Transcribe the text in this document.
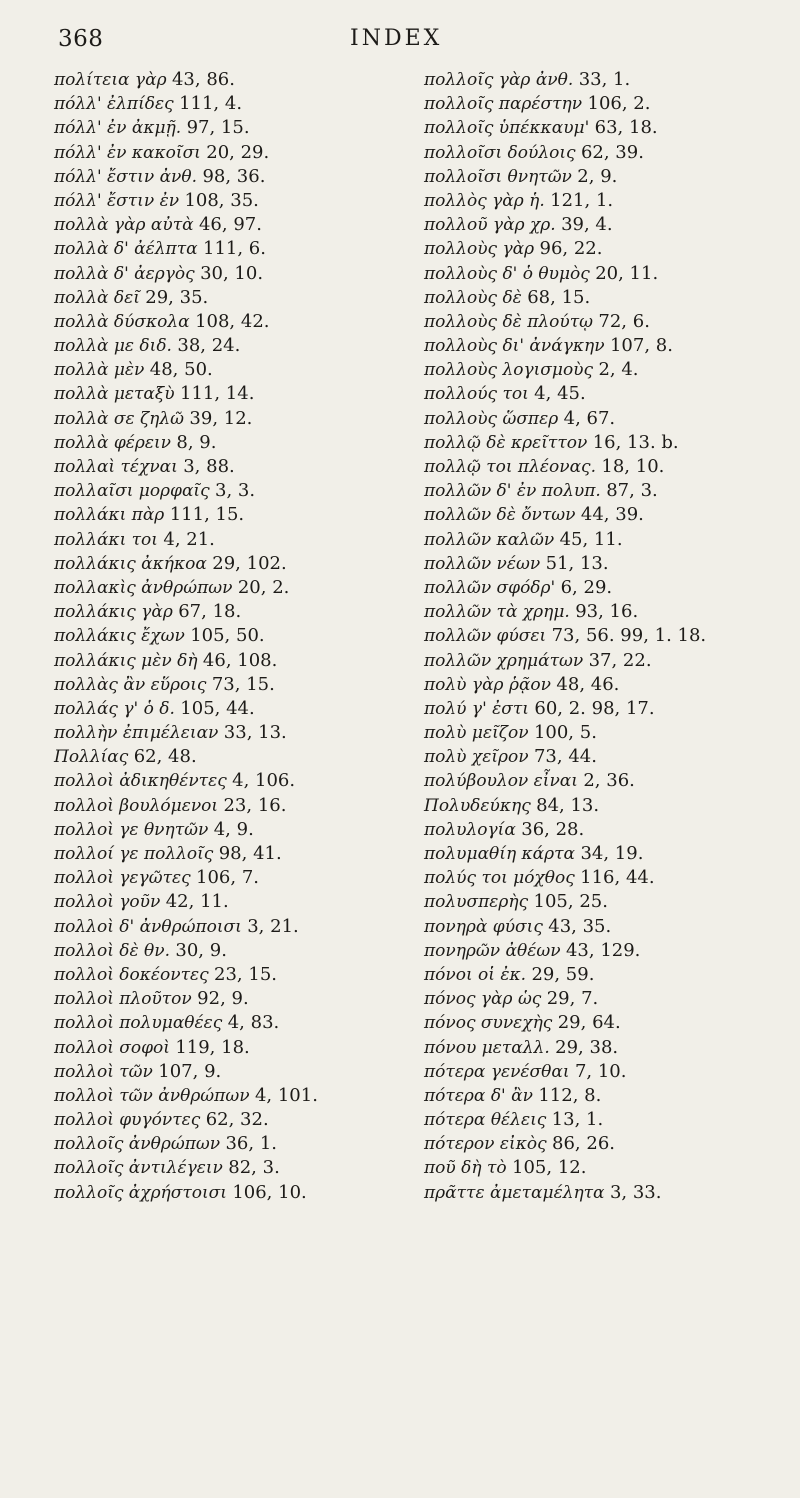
368	INDEX
πολίτεια γὰρ 43, 86.
πόλλ' ἐλπίδες 111, 4.
πόλλ' ἐν ἀκμῇ. 97, 15.
πόλλ' ἐν κακοῖσι 20, 29.
πόλλ' ἔστιν ἀνθ. 98, 36.
πόλλ' ἔστιν ἐν 108, 35.
πολλὰ γὰρ αὐτὰ 46, 97.
πολλὰ δ' ἀέλπτα 111, 6.
πολλὰ δ' ἀεργὸς 30, 10.
πολλὰ δεῖ 29, 35.
πολλὰ δύσκολα 108, 42.
πολλὰ με διδ. 38, 24.
πολλὰ μὲν 48, 50.
πολλὰ μεταξὺ 111, 14.
πολλὰ σε ζηλῶ 39, 12.
πολλὰ φέρειν 8, 9.
πολλαὶ τέχναι 3, 88.
πολλαῖσι μορφαῖς 3, 3.
πολλάκι πὰρ 111, 15.
πολλάκι τοι 4, 21.
πολλάκις ἀκήκοα 29, 102.
πολλακὶς ἀνθρώπων 20, 2.
πολλάκις γὰρ 67, 18.
πολλάκις ἔχων 105, 50.
πολλάκις μὲν δὴ 46, 108.
πολλὰς ἂν εὕροις 73, 15.
πολλάς γ' ὁ δ. 105, 44.
πολλὴν ἐπιμέλειαν 33, 13.
Πολλίας 62, 48.
πολλοὶ ἀδικηθέντες 4, 106.
πολλοὶ βουλόμενοι 23, 16.
πολλοὶ γε θνητῶν 4, 9.
πολλοί γε πολλοῖς 98, 41.
πολλοὶ γεγῶτες 106, 7.
πολλοὶ γοῦν 42, 11.
πολλοὶ δ' ἀνθρώποισι 3, 21.
πολλοὶ δὲ θν. 30, 9.
πολλοὶ δοκέοντες 23, 15.
πολλοὶ πλοῦτον 92, 9.
πολλοὶ πολυμαθέες 4, 83.
πολλοὶ σοφοὶ 119, 18.
πολλοὶ τῶν 107, 9.
πολλοὶ τῶν ἀνθρώπων 4, 101.
πολλοὶ φυγόντες 62, 32.
πολλοῖς ἀνθρώπων 36, 1.
πολλοῖς ἀντιλέγειν 82, 3.
πολλοῖς ἀχρήστοισι 106, 10.
πολλοῖς γὰρ ἀνθ. 33, 1.
πολλοῖς παρέστην 106, 2.
πολλοῖς ὑπέκκαυμ' 63, 18.
πολλοῖσι δούλοις 62, 39.
πολλοῖσι θνητῶν 2, 9.
πολλὸς γὰρ ἡ. 121, 1.
πολλοῦ γὰρ χρ. 39, 4.
πολλοὺς γὰρ 96, 22.
πολλοὺς δ' ὁ θυμὸς 20, 11.
πολλοὺς δὲ 68, 15.
πολλοὺς δὲ πλούτῳ 72, 6.
πολλοὺς δι' ἀνάγκην 107, 8.
πολλοὺς λογισμοὺς 2, 4.
πολλούς τοι 4, 45.
πολλοὺς ὥσπερ 4, 67.
πολλῷ δὲ κρεῖττον 16, 13. b.
πολλῷ τοι πλέονας. 18, 10.
πολλῶν δ' ἐν πολυπ. 87, 3.
πολλῶν δὲ ὄντων 44, 39.
πολλῶν καλῶν 45, 11.
πολλῶν νέων 51, 13.
πολλῶν σφόδρ' 6, 29.
πολλῶν τὰ χρημ. 93, 16.
πολλῶν φύσει 73, 56. 99, 1. 18.
πολλῶν χρημάτων 37, 22.
πολὺ γὰρ ῥᾷον 48, 46.
πολύ γ' ἐστι 60, 2. 98, 17.
πολὺ μεῖζον 100, 5.
πολὺ χεῖρον 73, 44.
πολύβουλον εἶναι 2, 36.
Πολυδεύκης 84, 13.
πολυλογία 36, 28.
πολυμαθίη κάρτα 34, 19.
πολύς τοι μόχθος 116, 44.
πολυσπερὴς 105, 25.
πονηρὰ φύσις 43, 35.
πονηρῶν ἀθέων 43, 129.
πόνοι οἱ ἐκ. 29, 59.
πόνος γὰρ ὡς 29, 7.
πόνος συνεχὴς 29, 64.
πόνου μεταλλ. 29, 38.
πότερα γενέσθαι 7, 10.
πότερα δ' ἂν 112, 8.
πότερα θέλεις 13, 1.
πότερον εἰκὸς 86, 26.
ποῦ δὴ τὸ 105, 12.
πρᾶττε ἀμεταμέλητα 3, 33.
